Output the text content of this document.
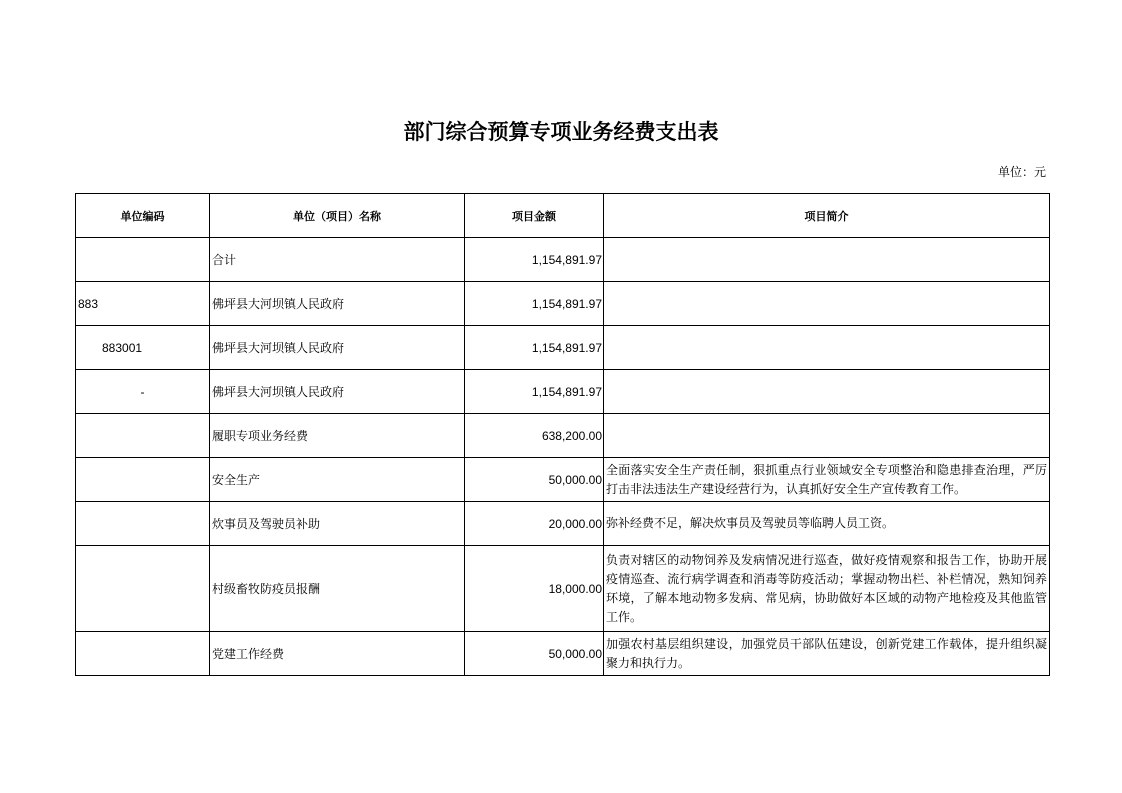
部门综合预算专项业务经费支出表
单位：元
单位编码	单位（项目）名称	项目金额	项目简介
	合计	1,154,891.97	
883	佛坪县大河坝镇人民政府	1,154,891.97	
883001	佛坪县大河坝镇人民政府	1,154,891.97	
-	佛坪县大河坝镇人民政府	1,154,891.97	
	履职专项业务经费	638,200.00	
	安全生产	50,000.00	全面落实安全生产责任制，狠抓重点行业领域安全专项整治和隐患排查治理，严厉打击非法违法生产建设经营行为，认真抓好安全生产宣传教育工作。
	炊事员及驾驶员补助	20,000.00	弥补经费不足，解决炊事员及驾驶员等临聘人员工资。
	村级畜牧防疫员报酬	18,000.00	负责对辖区的动物饲养及发病情况进行巡查，做好疫情观察和报告工作，协助开展疫情巡查、流行病学调查和消毒等防疫活动；掌握动物出栏、补栏情况，熟知饲养环境，了解本地动物多发病、常见病，协助做好本区域的动物产地检疫及其他监管工作。
	党建工作经费	50,000.00	加强农村基层组织建设，加强党员干部队伍建设，创新党建工作载体，提升组织凝聚力和执行力。
